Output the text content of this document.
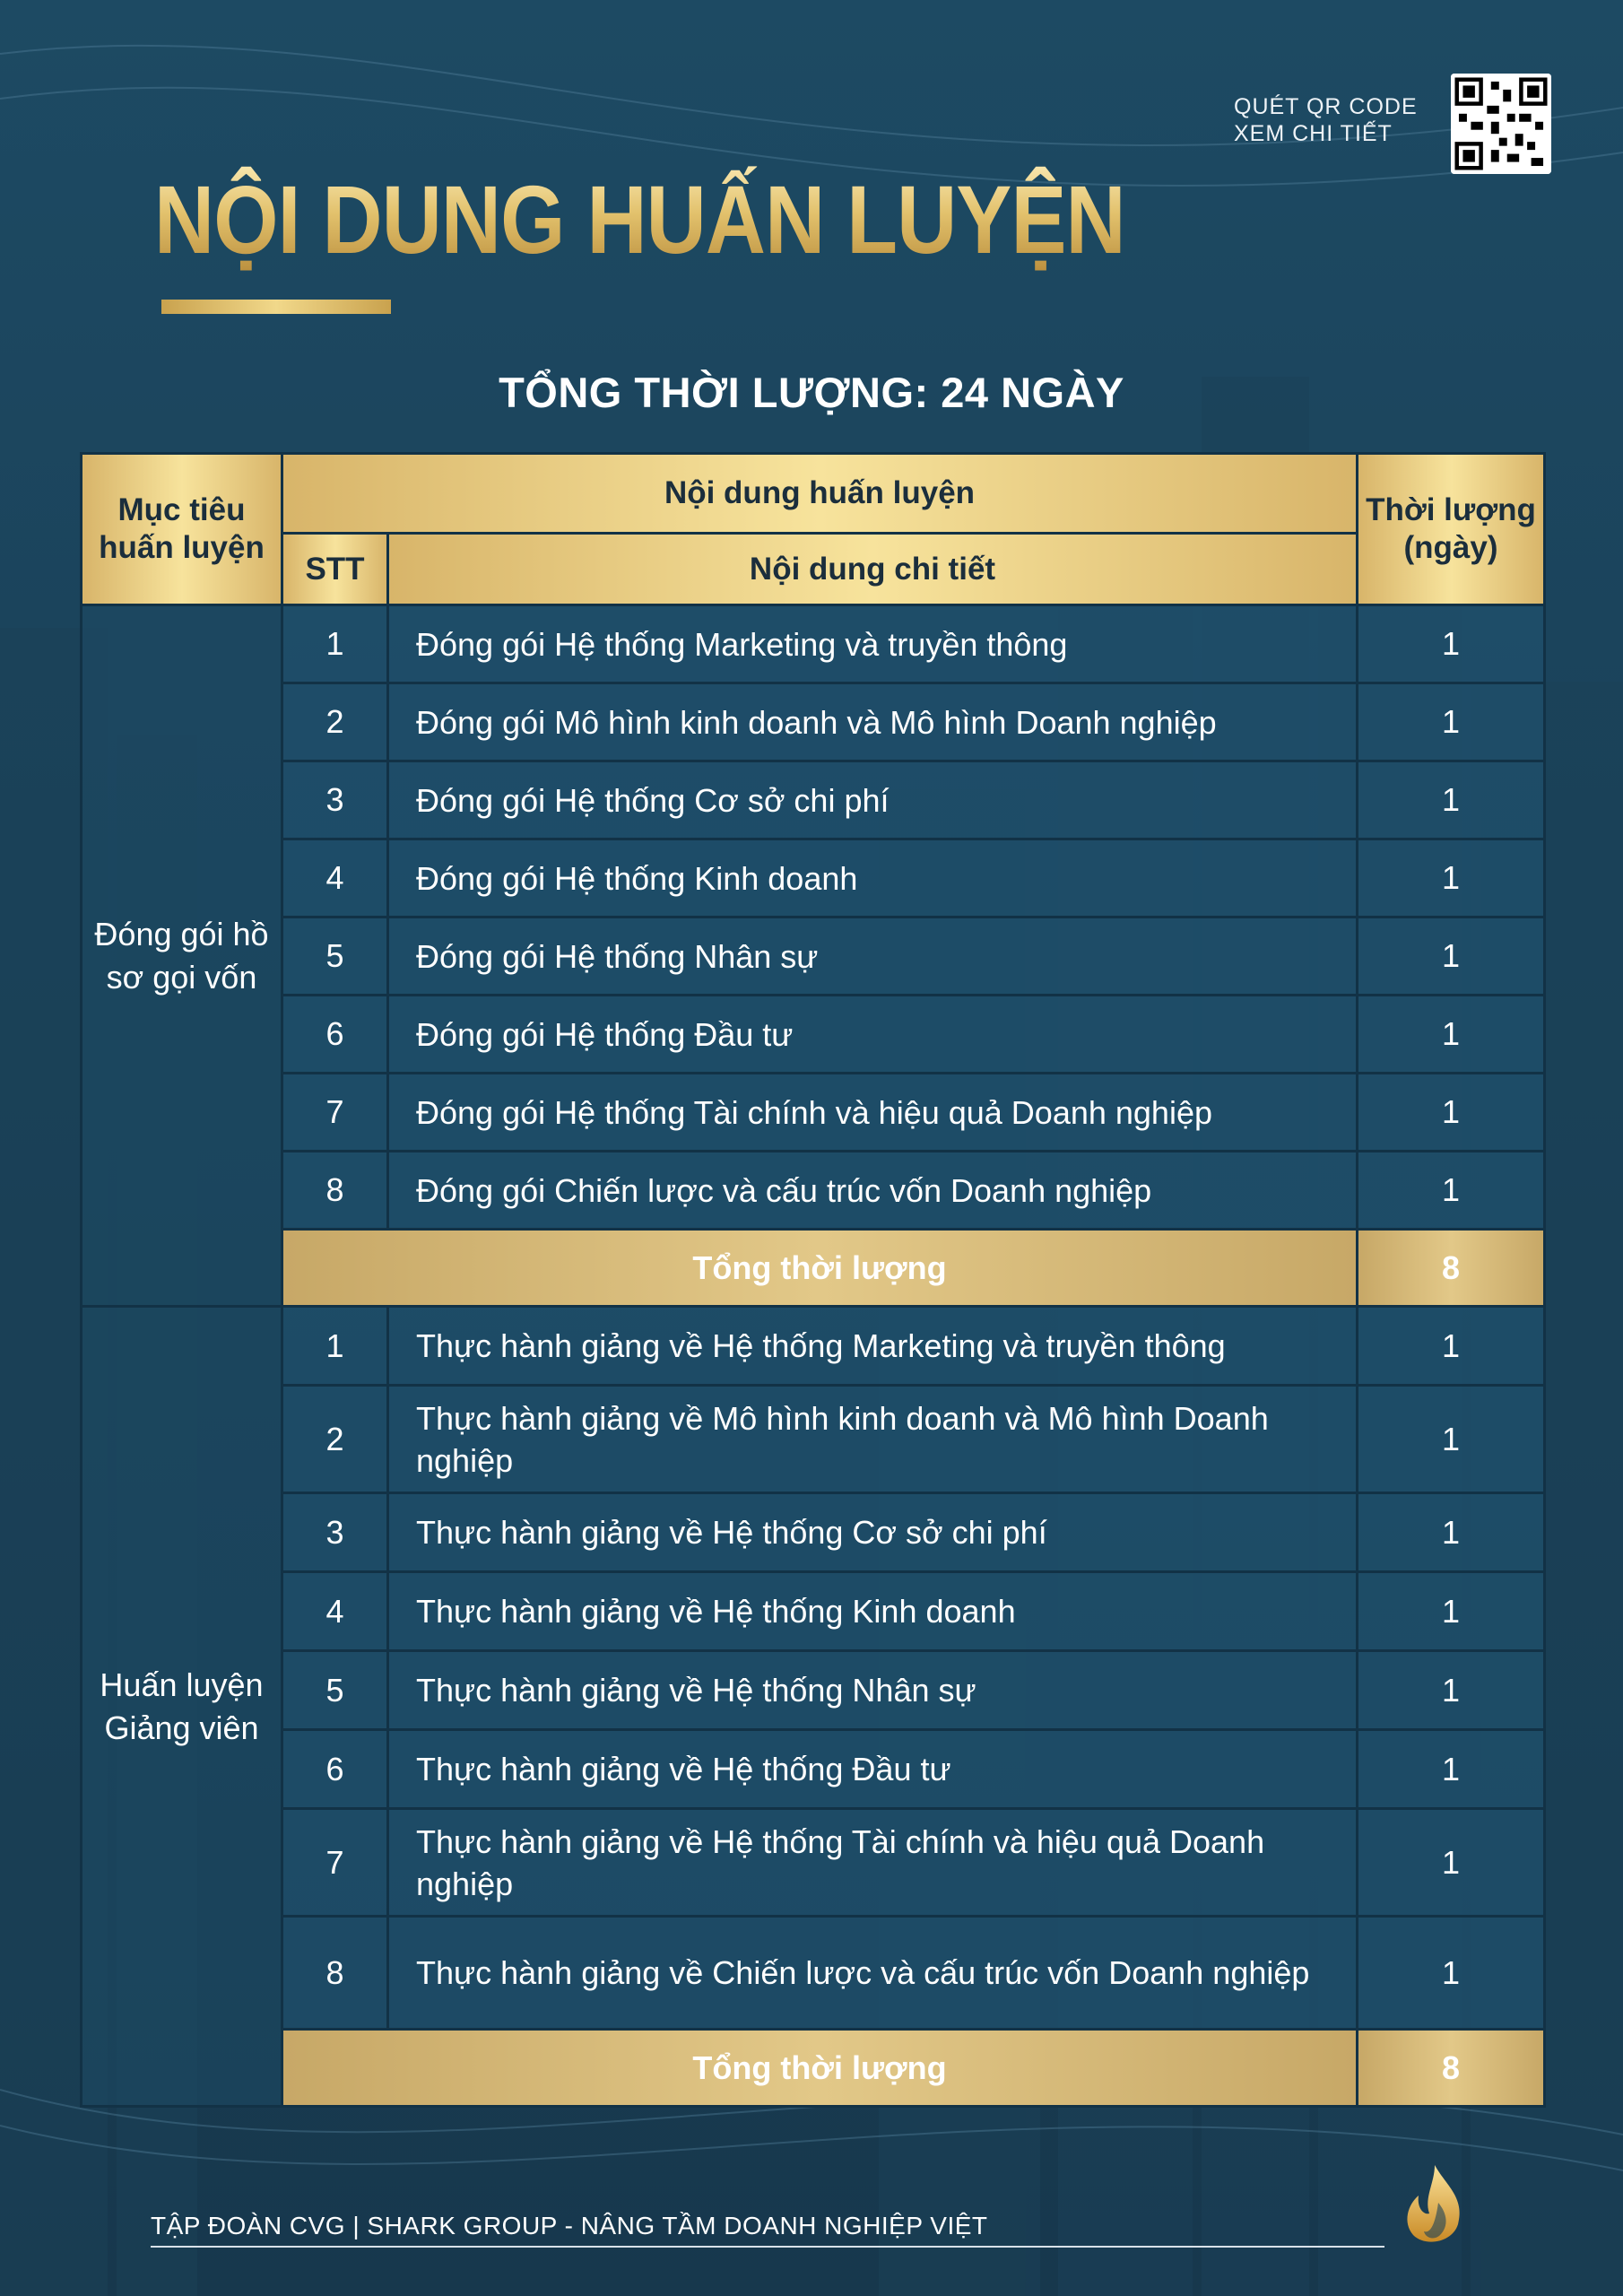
QUÉT QR CODE
XEM CHI TIẾT
NỘI DUNG HUẤN LUYỆN
TỔNG THỜI LƯỢNG: 24 NGÀY
Mục tiêu huấn luyện	Nội dung huấn luyện		Thời lượng (ngày)
	STT	Nội dung chi tiết	
Đóng gói hồ sơ gọi vốn	1	Đóng gói Hệ thống Marketing và truyền thông	1
	2	Đóng gói Mô hình kinh doanh và Mô hình Doanh nghiệp	1
	3	Đóng gói Hệ thống Cơ sở chi phí	1
	4	Đóng gói Hệ thống Kinh doanh	1
	5	Đóng gói Hệ thống Nhân sự	1
	6	Đóng gói Hệ thống Đầu tư	1
	7	Đóng gói Hệ thống Tài chính và hiệu quả Doanh nghiệp	1
	8	Đóng gói Chiến lược và cấu trúc vốn Doanh nghiệp	1
	Tổng thời lượng		8
Huấn luyện Giảng viên	1	Thực hành giảng về Hệ thống Marketing và truyền thông	1
	2	Thực hành giảng về Mô hình kinh doanh và Mô hình Doanh nghiệp	1
	3	Thực hành giảng về Hệ thống Cơ sở chi phí	1
	4	Thực hành giảng về Hệ thống Kinh doanh	1
	5	Thực hành giảng về Hệ thống Nhân sự	1
	6	Thực hành giảng về Hệ thống Đầu tư	1
	7	Thực hành giảng về Hệ thống Tài chính và hiệu quả Doanh nghiệp	1
	8	Thực hành giảng về Chiến lược và cấu trúc vốn Doanh nghiệp	1
	Tổng thời lượng		8
TẬP ĐOÀN CVG | SHARK GROUP - NÂNG TẦM DOANH NGHIỆP VIỆT
